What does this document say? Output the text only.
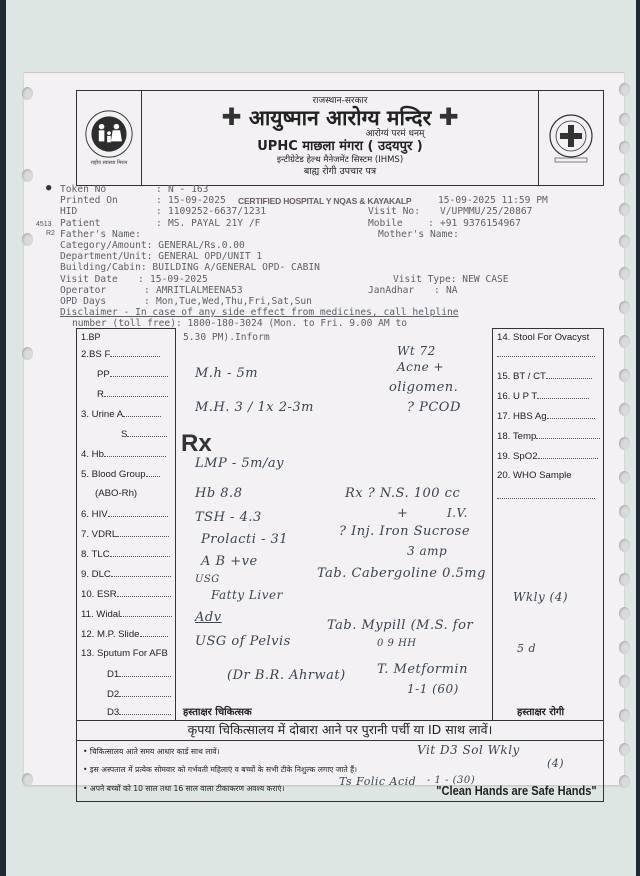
राष्ट्रीय स्वास्थ्य मिशन
राजस्थान-सरकार
✚ आयुष्मान आरोग्य मन्दिर ✚
आरोग्यं परमं धनम्
UPHC माछला मंगरा ( उदयपुर )
इन्टीग्रेटेड हेल्थ मैनेजमेंट सिस्टम (IHMS)
बाह्य रोगी उपचार पत्र
● Token No	: N - 163
Printed On	: 15-09-2025 CERTIFIED HOSPITAL Y NQAS & KAYAKALP	15-09-2025 11:59 PM
HID	: 1109252-6637/1231	Visit No: V/UPMMU/25/20867
4513 Patient	: MS. PAYAL 21Y /F	Mobile	: +91 9376154967
R2 Father's Name:	Mother's Name:
Category/Amount: GENERAL/Rs.0.00
Department/Unit: GENERAL OPD/UNIT 1
Building/Cabin: BUILDING A/GENERAL OPD- CABIN
Visit Date : 15-09-2025	Visit Type: NEW CASE
Operator	: AMRITLALMEENA53	JanAdhar : NA
OPD Days	: Mon,Tue,Wed,Thu,Fri,Sat,Sun
Disclaimer - In case of any side effect from medicines, call helpline
number (toll free): 1800-180-3024 (Mon. to Fri. 9.00 AM to
1.BP
2.BS F
PP
R
3. Urine A
S
4. Hb
5. Blood Group
(ABO-Rh)
6. HIV
7. VDRL
8. TLC
9. DLC
10. ESR
11. Widal
12. M.P. Slide
13. Sputum For AFB
D1
D2
D3
14. Stool For Ovacyst
15. BT / CT
16. U P T
17. HBS Ag
18. Temp
19. SpO2
20. WHO Sample
5.30 PM).Inform
Rx
M.h - 5m
M.H. 3 / 1x 2-3m
Wt 72
Acne +
oligomen.
? PCOD
LMP - 5m/ay
Hb 8.8
TSH - 4.3
Prolacti - 31
A B +ve
USG
Fatty Liver
Adv
USG of Pelvis
(Dr B.R. Ahrwat)
Rx ? N.S. 100 cc
I.V.
+
? Inj. Iron Sucrose
3 amp
Tab. Cabergoline 0.5mg
Wkly (4)
Tab. Mypill (M.S. for
0 9 HH	5 d
T. Metformin
1-1 (60)
हस्ताक्षर चिकित्सक	हस्ताक्षर रोगी
कृपया चिकित्सालय में दोबारा आने पर पुरानी पर्ची या ID साथ लावें।
• चिकित्सालय आते समय आधार कार्ड साथ लावें।
• इस अस्पताल में प्रत्येक सोमवार को गर्भवती महिलाएं व बच्चों के सभी टीके निशुल्क लगाए जाते हैं।
• अपने बच्चों को 10 साल तथा 16 साल वाला टीकाकरण अवश्य कराएं।
Vit D3 Sol Wkly
(4)
Ts Folic Acid - 1 - (30)
"Clean Hands are Safe Hands"
